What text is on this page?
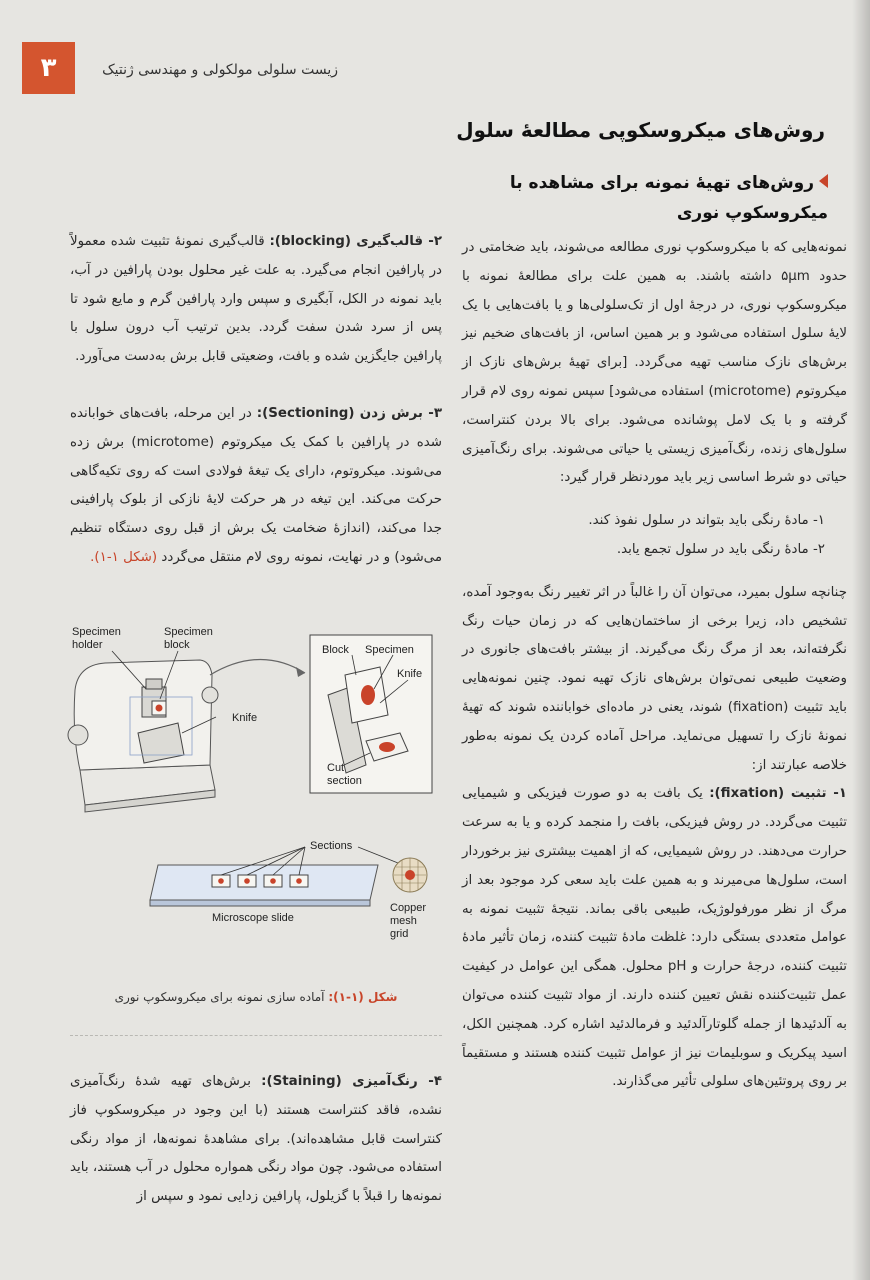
۳	زیست سلولی مولکولی و مهندسی ژنتیک
روش‌های میکروسکوپی مطالعهٔ سلول
روش‌های تهیهٔ نمونه برای مشاهده با میکروسکوپ نوری

نمونه‌هایی که با میکروسکوپ نوری مطالعه می‌شوند، باید ضخامتی در حدود ۵μm داشته باشند. به همین علت برای مطالعهٔ نمونه با میکروسکوپ نوری، در درجهٔ اول از تک‌سلولی‌ها و یا بافت‌هایی با یک لایهٔ سلول استفاده می‌شود و بر همین اساس، از بافت‌های ضخیم نیز برش‌های نازک مناسب تهیه می‌گردد. [برای تهیهٔ برش‌های نازک از میکروتوم (microtome) استفاده می‌شود] سپس نمونه روی لام قرار گرفته و با یک لامل پوشانده می‌شود. برای بالا بردن کنتراست، سلول‌های زنده، رنگ‌آمیزی زیستی یا حیاتی می‌شوند. برای رنگ‌آمیزی حیاتی دو شرط اساسی زیر باید موردنظر قرار گیرد:

۱- مادهٔ رنگی باید بتواند در سلول نفوذ کند.

۲- مادهٔ رنگی باید در سلول تجمع یابد.

چنانچه سلول بمیرد، می‌توان آن را غالباً در اثر تغییر رنگ به‌وجود آمده، تشخیص داد، زیرا برخی از ساختمان‌هایی که در زمان حیات رنگ نگرفته‌اند، بعد از مرگ رنگ می‌گیرند. از بیشتر بافت‌های جانوری در وضعیت طبیعی نمی‌توان برش‌های نازک تهیه نمود. چنین نمونه‌هایی باید تثبیت (fixation) شوند، یعنی در ماده‌ای خواباننده شوند که تهیهٔ نمونهٔ نازک را تسهیل می‌نماید. مراحل آماده کردن یک نمونه به‌طور خلاصه عبارتند از:

۱- تثبیت (fixation): یک بافت به دو صورت فیزیکی و شیمیایی تثبیت می‌گردد. در روش فیزیکی، بافت را منجمد کرده و یا به سرعت حرارت می‌دهند. در روش شیمیایی، که از اهمیت بیشتری نیز برخوردار است، سلول‌ها می‌میرند و به همین علت باید سعی کرد موجود بعد از مرگ از نظر مورفولوژیک، طبیعی باقی بماند. نتیجهٔ تثبیت نمونه به عوامل متعددی بستگی دارد: غلظت مادهٔ تثبیت کننده، زمان تأثیر مادهٔ تثبیت کننده، درجهٔ حرارت و pH محلول. همگی این عوامل در کیفیت عمل تثبیت‌کننده نقش تعیین کننده دارند. از مواد تثبیت کننده می‌توان به آلدئیدها از جمله گلوتارآلدئید و فرمالدئید اشاره کرد. همچنین الکل، اسید پیکریک و سوبلیمات نیز از عوامل تثبیت کننده هستند و مستقیماً بر روی پروتئین‌های سلولی تأثیر می‌گذارند.

۲- قالب‌گیری (blocking): قالب‌گیری نمونهٔ تثبیت شده معمولاً در پارافین انجام می‌گیرد. به علت غیر محلول بودن پارافین در آب، باید نمونه در الکل، آبگیری و سپس وارد پارافین گرم و مایع شود تا پس از سرد شدن سفت گردد. بدین ترتیب آب درون سلول با پارافین جایگزین شده و بافت، وضعیتی قابل برش به‌دست می‌آورد.

۳- برش زدن (Sectioning): در این مرحله، بافت‌های خوابانده شده در پارافین با کمک یک میکروتوم (microtome) برش زده می‌شوند. میکروتوم، دارای یک تیغهٔ فولادی است که روی تکیه‌گاهی حرکت می‌کند. این تیغه در هر حرکت لایهٔ نازکی از بلوک پارافینی جدا می‌کند، (اندازهٔ ضخامت یک برش از قبل روی دستگاه تنظیم می‌شود) و در نهایت، نمونه روی لام منتقل می‌گردد (شکل ۱-۱).

Specimen
holder
Specimen
block
Knife
Block Specimen
Knife
Cut
section
Sections
Microscope slide
Copper
mesh
grid
شکل (۱-۱): آماده سازی نمونه برای میکروسکوپ نوری

۴- رنگ‌آمیزی (Staining): برش‌های تهیه شدهٔ رنگ‌آمیزی نشده، فاقد کنتراست هستند (با این وجود در میکروسکوپ فاز کنتراست قابل مشاهده‌اند). برای مشاهدهٔ نمونه‌ها، از مواد رنگی استفاده می‌شود. چون مواد رنگی همواره محلول در آب هستند، باید نمونه‌ها را قبلاً با گزیلول، پارافین زدایی نمود و سپس از
